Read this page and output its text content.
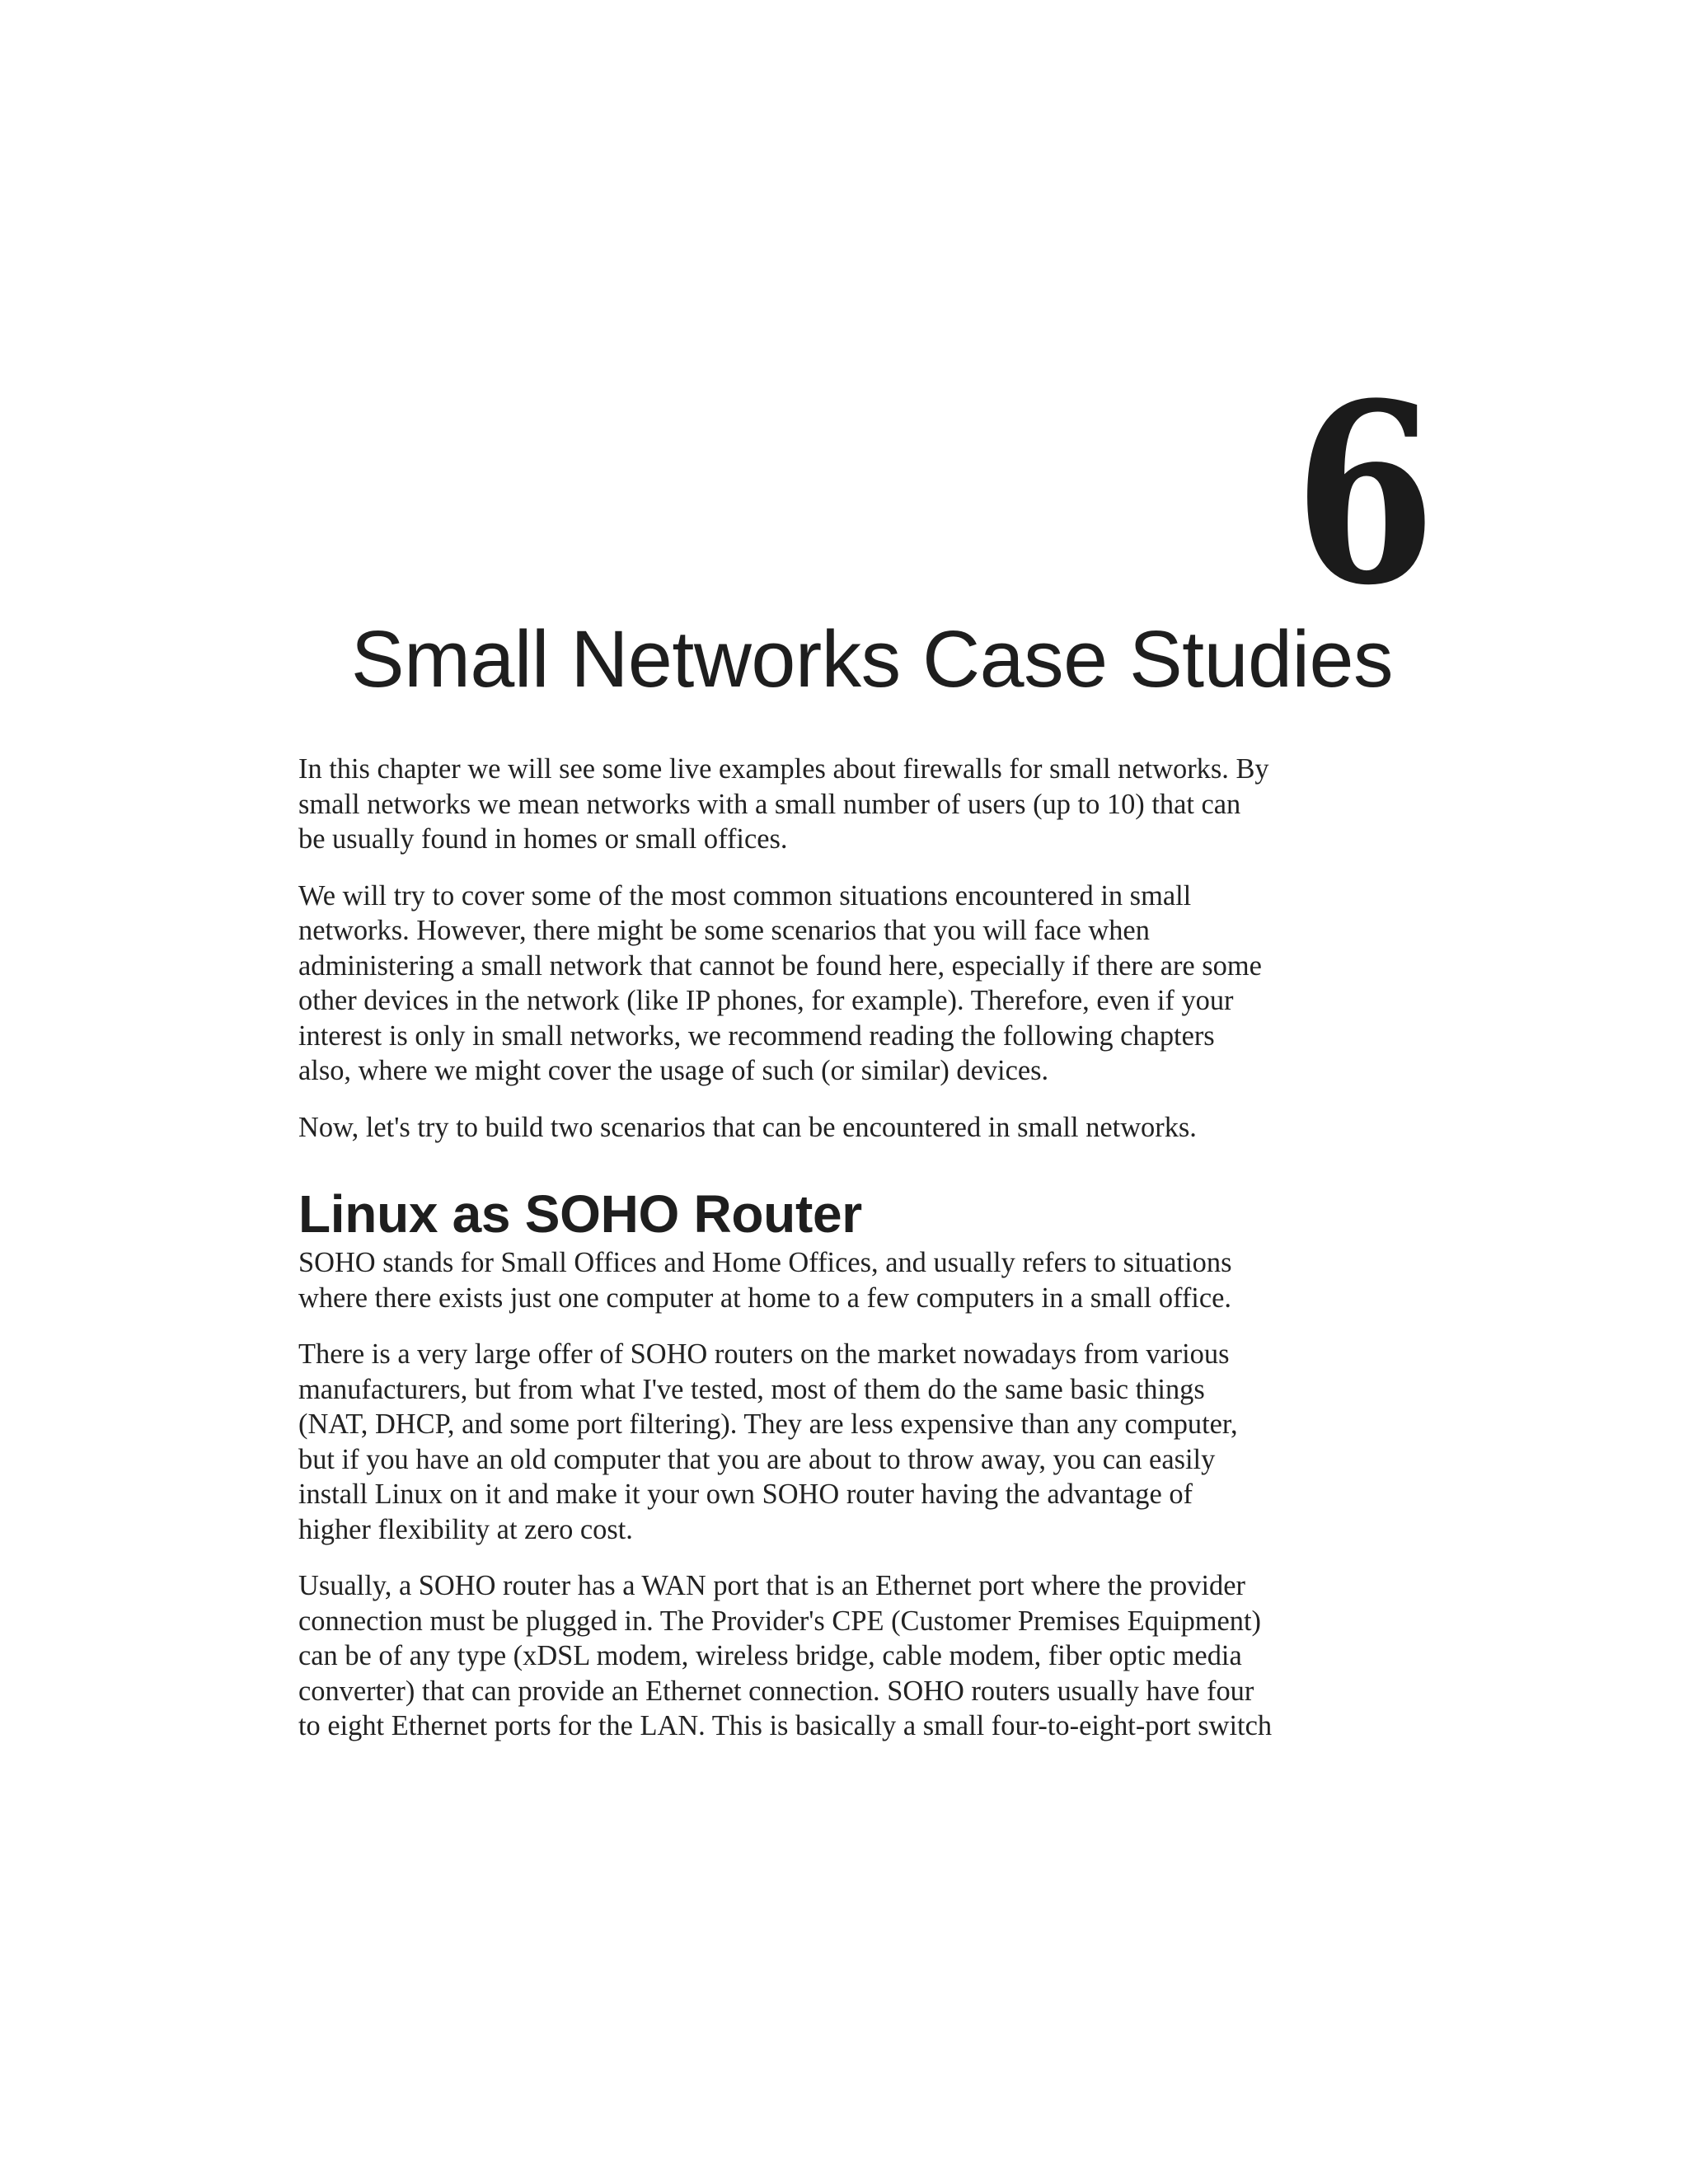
6
Small Networks Case Studies

In this chapter we will see some live examples about firewalls for small networks. By

small networks we mean networks with a small number of users (up to 10) that can

be usually found in homes or small offices.

We will try to cover some of the most common situations encountered in small

networks. However, there might be some scenarios that you will face when

administering a small network that cannot be found here, especially if there are some

other devices in the network (like IP phones, for example). Therefore, even if your

interest is only in small networks, we recommend reading the following chapters

also, where we might cover the usage of such (or similar) devices.

Now, let's try to build two scenarios that can be encountered in small networks.

Linux as SOHO Router

SOHO stands for Small Offices and Home Offices, and usually refers to situations

where there exists just one computer at home to a few computers in a small office.

There is a very large offer of SOHO routers on the market nowadays from various

manufacturers, but from what I've tested, most of them do the same basic things

(NAT, DHCP, and some port filtering). They are less expensive than any computer,

but if you have an old computer that you are about to throw away, you can easily

install Linux on it and make it your own SOHO router having the advantage of

higher flexibility at zero cost.

Usually, a SOHO router has a WAN port that is an Ethernet port where the provider

connection must be plugged in. The Provider's CPE (Customer Premises Equipment)

can be of any type (xDSL modem, wireless bridge, cable modem, fiber optic media

converter) that can provide an Ethernet connection. SOHO routers usually have four

to eight Ethernet ports for the LAN. This is basically a small four-to-eight-port switch
